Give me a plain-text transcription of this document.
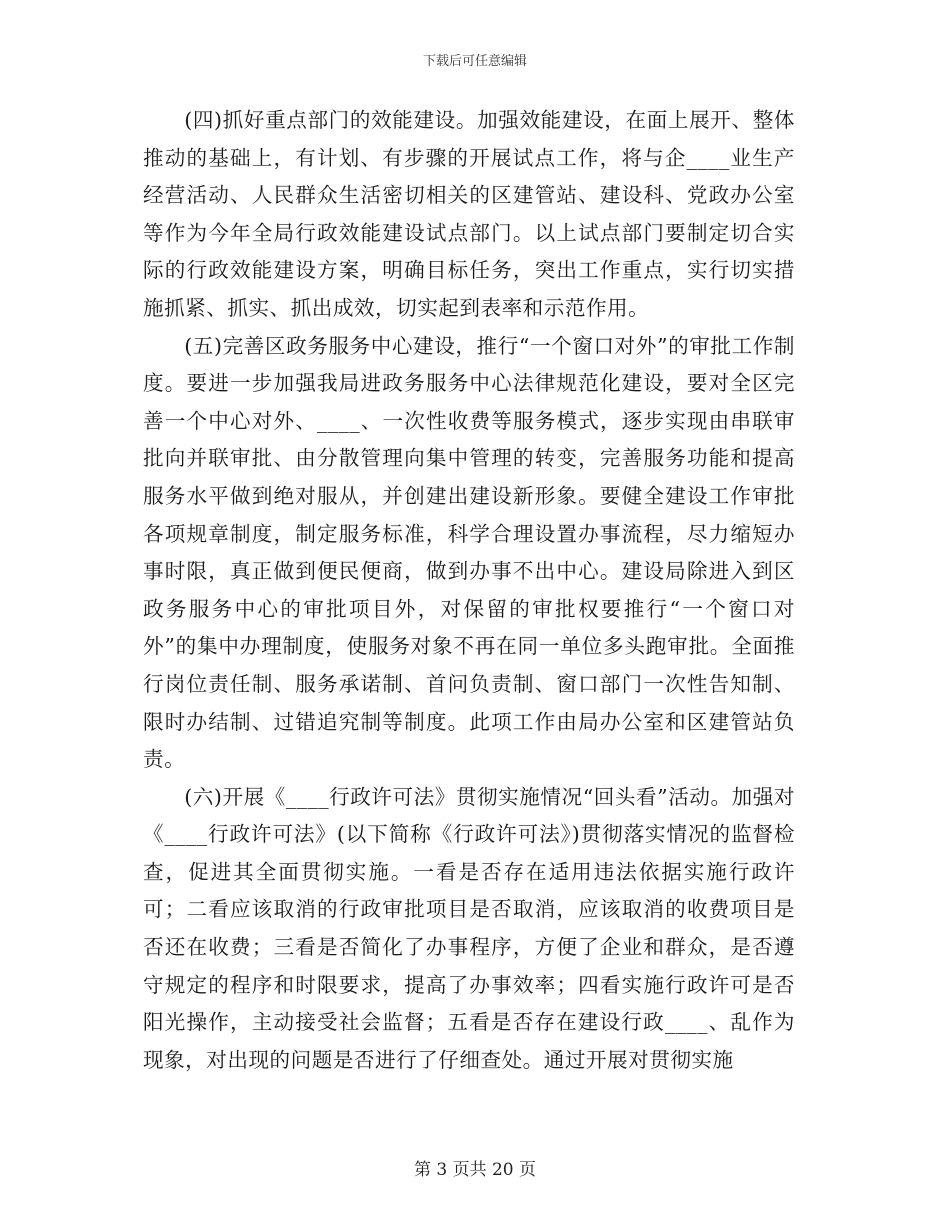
下载后可任意编辑

(四)抓好重点部门的效能建设。加强效能建设，在面上展开、整体推动的基础上，有计划、有步骤的开展试点工作，将与企____业生产经营活动、人民群众生活密切相关的区建管站、建设科、党政办公室等作为今年全局行政效能建设试点部门。以上试点部门要制定切合实际的行政效能建设方案，明确目标任务，突出工作重点，实行切实措施抓紧、抓实、抓出成效，切实起到表率和示范作用。

(五)完善区政务服务中心建设，推行“一个窗口对外”的审批工作制度。要进一步加强我局进政务服务中心法律规范化建设，要对全区完善一个中心对外、____、一次性收费等服务模式，逐步实现由串联审批向并联审批、由分散管理向集中管理的转变，完善服务功能和提高服务水平做到绝对服从，并创建出建设新形象。要健全建设工作审批各项规章制度，制定服务标准，科学合理设置办事流程，尽力缩短办事时限，真正做到便民便商，做到办事不出中心。建设局除进入到区政务服务中心的审批项目外，对保留的审批权要推行“一个窗口对外”的集中办理制度，使服务对象不再在同一单位多头跑审批。全面推行岗位责任制、服务承诺制、首问负责制、窗口部门一次性告知制、限时办结制、过错追究制等制度。此项工作由局办公室和区建管站负责。

(六)开展《____行政许可法》贯彻实施情况“回头看”活动。加强对《____行政许可法》(以下简称《行政许可法》)贯彻落实情况的监督检查，促进其全面贯彻实施。一看是否存在适用违法依据实施行政许可；二看应该取消的行政审批项目是否取消，应该取消的收费项目是否还在收费；三看是否简化了办事程序，方便了企业和群众，是否遵守规定的程序和时限要求，提高了办事效率；四看实施行政许可是否阳光操作，主动接受社会监督；五看是否存在建设行政____、乱作为现象，对出现的问题是否进行了仔细查处。通过开展对贯彻实施

第 3 页共 20 页
